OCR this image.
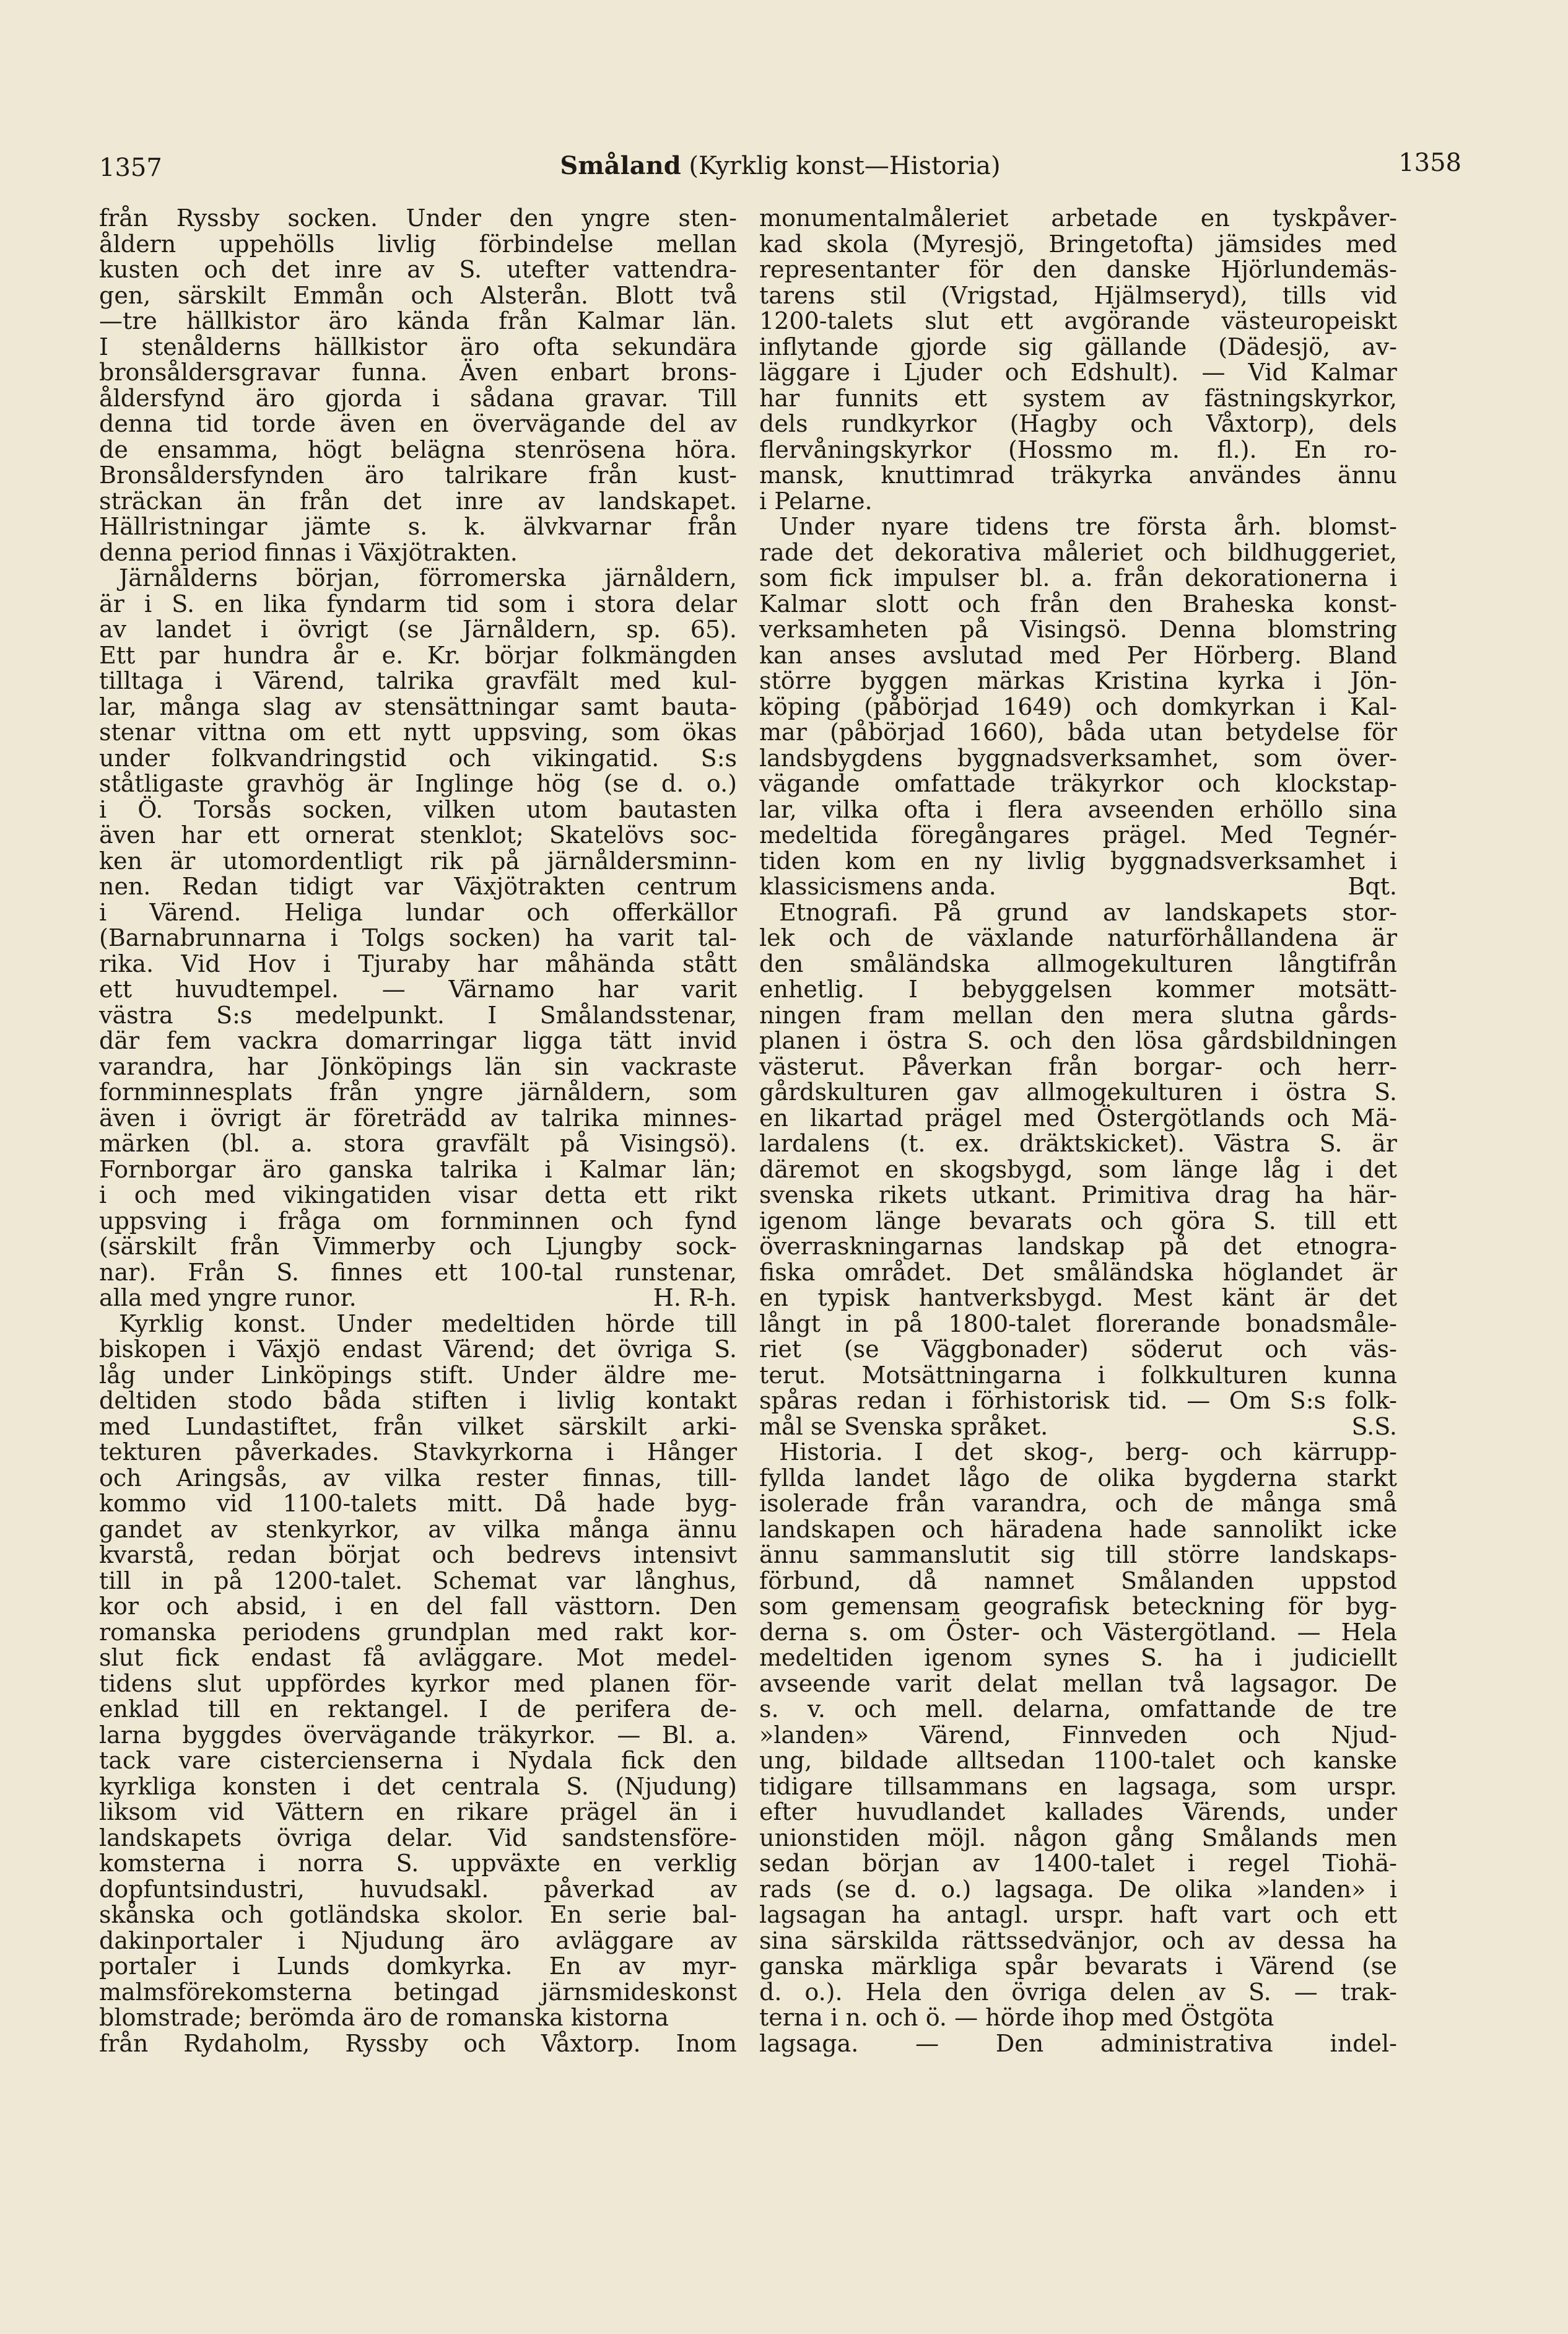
1357	Småland (Kyrklig konst—Historia)	1358
från Ryssby socken. Under den yngre sten-
åldern uppehölls livlig förbindelse mellan
kusten och det inre av S. utefter vattendra-
gen, särskilt Emmån och Alsterån. Blott två
—tre hällkistor äro kända från Kalmar län.
I stenålderns hällkistor äro ofta sekundära
bronsåldersgravar funna. Även enbart brons-
åldersfynd äro gjorda i sådana gravar. Till
denna tid torde även en övervägande del av
de ensamma, högt belägna stenrösena höra.
Bronsåldersfynden äro talrikare från kust-
sträckan än från det inre av landskapet.
Hällristningar jämte s. k. älvkvarnar från
denna period finnas i Växjötrakten.
Järnålderns början, förromerska järnåldern,
är i S. en lika fyndarm tid som i stora delar
av landet i övrigt (se Järnåldern, sp. 65).
Ett par hundra år e. Kr. börjar folkmängden
tilltaga i Värend, talrika gravfält med kul-
lar, många slag av stensättningar samt bauta-
stenar vittna om ett nytt uppsving, som ökas
under folkvandringstid och vikingatid. S:s
ståtligaste gravhög är Inglinge hög (se d. o.)
i Ö. Torsås socken, vilken utom bautasten
även har ett ornerat stenklot; Skatelövs soc-
ken är utomordentligt rik på järnåldersminn-
nen. Redan tidigt var Växjötrakten centrum
i Värend. Heliga lundar och offerkällor
(Barnabrunnarna i Tolgs socken) ha varit tal-
rika. Vid Hov i Tjuraby har måhända stått
ett huvudtempel. — Värnamo har varit
västra S:s medelpunkt. I Smålandsstenar,
där fem vackra domarringar ligga tätt invid
varandra, har Jönköpings län sin vackraste
fornminnesplats från yngre järnåldern, som
även i övrigt är företrädd av talrika minnes-
märken (bl. a. stora gravfält på Visingsö).
Fornborgar äro ganska talrika i Kalmar län;
i och med vikingatiden visar detta ett rikt
uppsving i fråga om fornminnen och fynd
(särskilt från Vimmerby och Ljungby sock-
nar). Från S. finnes ett 100-tal runstenar,
alla med yngre runor.	H. R-h.
Kyrklig konst. Under medeltiden hörde till
biskopen i Växjö endast Värend; det övriga S.
låg under Linköpings stift. Under äldre me-
deltiden stodo båda stiften i livlig kontakt
med Lundastiftet, från vilket särskilt arki-
tekturen påverkades. Stavkyrkorna i Hånger
och Aringsås, av vilka rester finnas, till-
kommo vid 1100-talets mitt. Då hade byg-
gandet av stenkyrkor, av vilka många ännu
kvarstå, redan börjat och bedrevs intensivt
till in på 1200-talet. Schemat var långhus,
kor och absid, i en del fall västtorn. Den
romanska periodens grundplan med rakt kor-
slut fick endast få avläggare. Mot medel-
tidens slut uppfördes kyrkor med planen för-
enklad till en rektangel. I de perifera de-
larna byggdes övervägande träkyrkor. — Bl. a.
tack vare cistercienserna i Nydala fick den
kyrkliga konsten i det centrala S. (Njudung)
liksom vid Vättern en rikare prägel än i
landskapets övriga delar. Vid sandstensföre-
komsterna i norra S. uppväxte en verklig
dopfuntsindustri, huvudsakl. påverkad av
skånska och gotländska skolor. En serie bal-
dakinportaler i Njudung äro avläggare av
portaler i Lunds domkyrka. En av myr-
malmsförekomsterna betingad järnsmideskonst
blomstrade; berömda äro de romanska kistorna
från Rydaholm, Ryssby och Våxtorp. Inom
monumentalmåleriet arbetade en tyskpåver-
kad skola (Myresjö, Bringetofta) jämsides med
representanter för den danske Hjörlundemäs-
tarens stil (Vrigstad, Hjälmseryd), tills vid
1200-talets slut ett avgörande västeuropeiskt
inflytande gjorde sig gällande (Dädesjö, av-
läggare i Ljuder och Edshult). — Vid Kalmar
har funnits ett system av fästningskyrkor,
dels rundkyrkor (Hagby och Våxtorp), dels
flervåningskyrkor (Hossmo m. fl.). En ro-
mansk, knuttimrad träkyrka användes ännu
i Pelarne.
Under nyare tidens tre första årh. blomst-
rade det dekorativa måleriet och bildhuggeriet,
som fick impulser bl. a. från dekorationerna i
Kalmar slott och från den Braheska konst-
verksamheten på Visingsö. Denna blomstring
kan anses avslutad med Per Hörberg. Bland
större byggen märkas Kristina kyrka i Jön-
köping (påbörjad 1649) och domkyrkan i Kal-
mar (påbörjad 1660), båda utan betydelse för
landsbygdens byggnadsverksamhet, som över-
vägande omfattade träkyrkor och klockstap-
lar, vilka ofta i flera avseenden erhöllo sina
medeltida föregångares prägel. Med Tegnér-
tiden kom en ny livlig byggnadsverksamhet i
klassicismens anda.	Bqt.
Etnografi. På grund av landskapets stor-
lek och de växlande naturförhållandena är
den småländska allmogekulturen långtifrån
enhetlig. I bebyggelsen kommer motsätt-
ningen fram mellan den mera slutna gårds-
planen i östra S. och den lösa gårdsbildningen
västerut. Påverkan från borgar- och herr-
gårdskulturen gav allmogekulturen i östra S.
en likartad prägel med Östergötlands och Mä-
lardalens (t. ex. dräktskicket). Västra S. är
däremot en skogsbygd, som länge låg i det
svenska rikets utkant. Primitiva drag ha här-
igenom länge bevarats och göra S. till ett
överraskningarnas landskap på det etnogra-
fiska området. Det småländska höglandet är
en typisk hantverksbygd. Mest känt är det
långt in på 1800-talet florerande bonadsmåle-
riet (se Väggbonader) söderut och väs-
terut. Motsättningarna i folkkulturen kunna
spåras redan i förhistorisk tid. — Om S:s folk-
mål se Svenska språket.	S.S.
Historia. I det skog-, berg- och kärrupp-
fyllda landet lågo de olika bygderna starkt
isolerade från varandra, och de många små
landskapen och häradena hade sannolikt icke
ännu sammanslutit sig till större landskaps-
förbund, då namnet Smålanden uppstod
som gemensam geografisk beteckning för byg-
derna s. om Öster- och Västergötland. — Hela
medeltiden igenom synes S. ha i judiciellt
avseende varit delat mellan två lagsagor. De
s. v. och mell. delarna, omfattande de tre
»landen» Värend, Finnveden och Njud-
ung, bildade alltsedan 1100-talet och kanske
tidigare tillsammans en lagsaga, som urspr.
efter huvudlandet kallades Värends, under
unionstiden möjl. någon gång Smålands men
sedan början av 1400-talet i regel Tiohä-
rads (se d. o.) lagsaga. De olika »landen» i
lagsagan ha antagl. urspr. haft vart och ett
sina särskilda rättssedvänjor, och av dessa ha
ganska märkliga spår bevarats i Värend (se
d. o.). Hela den övriga delen av S. — trak-
terna i n. och ö. — hörde ihop med Östgöta
lagsaga. — Den administrativa indel-
